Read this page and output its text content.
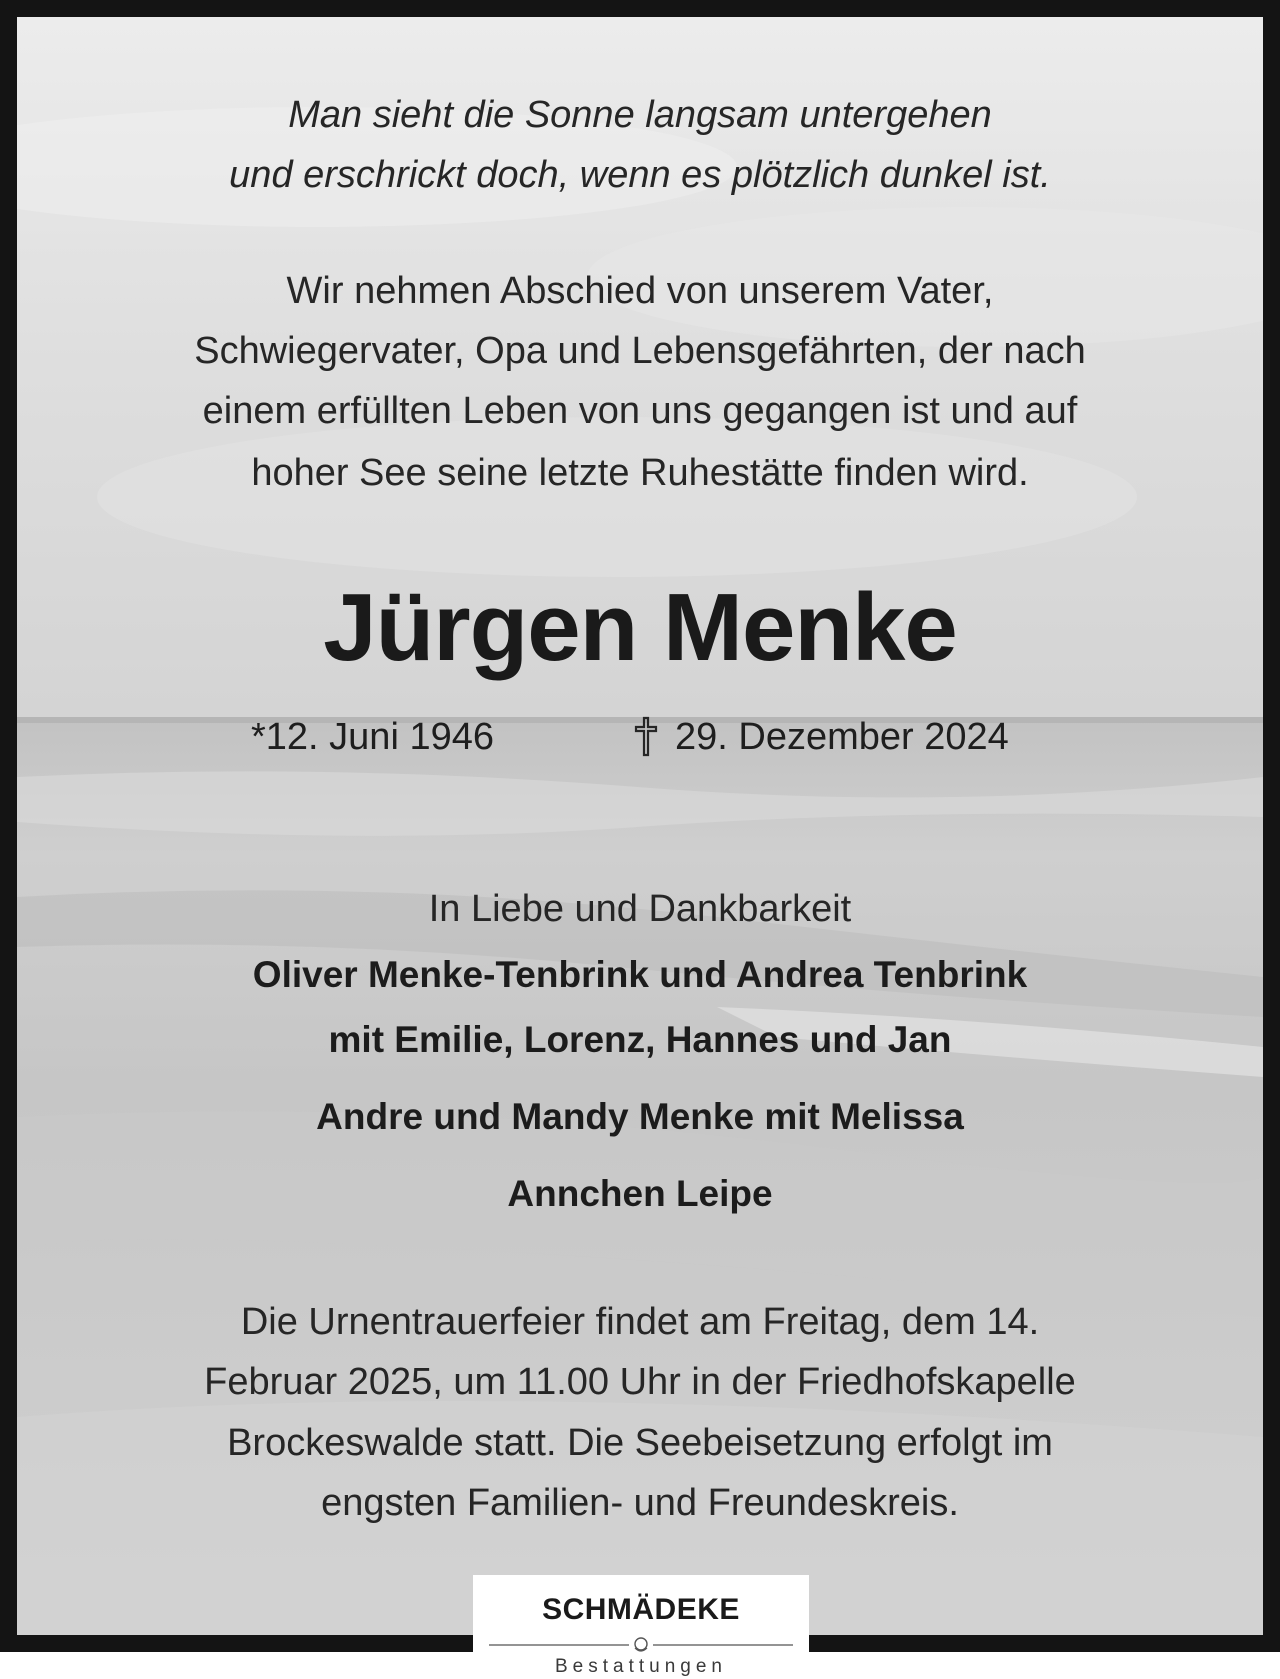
Man sieht die Sonne langsam untergehen
und erschrickt doch, wenn es plötzlich dunkel ist.
Wir nehmen Abschied von unserem Vater,
Schwiegervater, Opa und Lebensgefährten, der nach
einem erfüllten Leben von uns gegangen ist und auf
hoher See seine letzte Ruhestätte finden wird.
Jürgen Menke
*12. Juni 1946	29. Dezember 2024
In Liebe und Dankbarkeit
Oliver Menke-Tenbrink und Andrea Tenbrink
mit Emilie, Lorenz, Hannes und Jan
Andre und Mandy Menke mit Melissa
Annchen Leipe
Die Urnentrauerfeier findet am Freitag, dem 14.
Februar 2025, um 11.00 Uhr in der Friedhofskapelle
Brockeswalde statt. Die Seebeisetzung erfolgt im
engsten Familien- und Freundeskreis.
SCHMÄDEKE
Bestattungen
